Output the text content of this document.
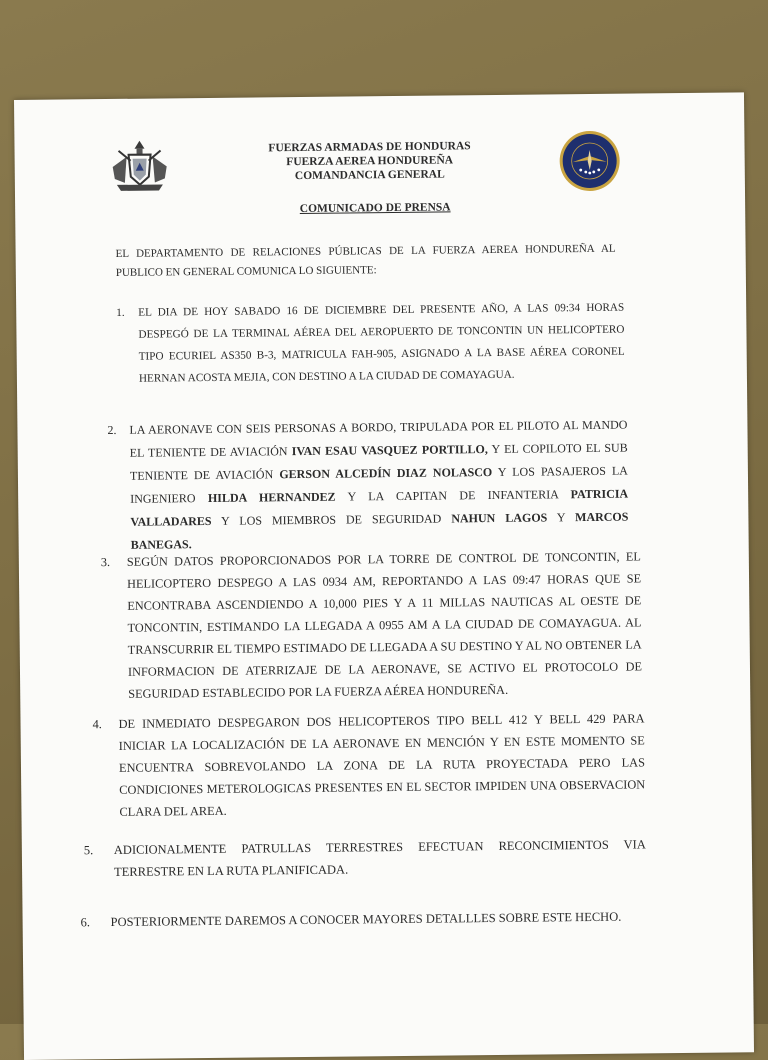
FUERZAS ARMADAS DE HONDURAS
FUERZA AEREA HONDUREÑA
COMANDANCIA GENERAL
COMUNICADO DE PRENSA
EL DEPARTAMENTO DE RELACIONES PÚBLICAS DE LA FUERZA AEREA HONDUREÑA AL PUBLICO EN GENERAL COMUNICA LO SIGUIENTE:
1.	EL DIA DE HOY SABADO 16 DE DICIEMBRE DEL PRESENTE AÑO, A LAS 09:34 HORAS DESPEGÓ DE LA TERMINAL AÉREA DEL AEROPUERTO DE TONCONTIN UN HELICOPTERO TIPO ECURIEL AS350 B-3, MATRICULA FAH-905, ASIGNADO A LA BASE AÉREA CORONEL HERNAN ACOSTA MEJIA, CON DESTINO A LA CIUDAD DE COMAYAGUA.
2.	LA AERONAVE CON SEIS PERSONAS A BORDO, TRIPULADA POR EL PILOTO AL MANDO EL TENIENTE DE AVIACIÓN IVAN ESAU VASQUEZ PORTILLO, Y EL COPILOTO EL SUB TENIENTE DE AVIACIÓN GERSON ALCEDÍN DIAZ NOLASCO Y LOS PASAJEROS LA INGENIERO HILDA HERNANDEZ Y LA CAPITAN DE INFANTERIA PATRICIA VALLADARES Y LOS MIEMBROS DE SEGURIDAD NAHUN LAGOS Y MARCOS BANEGAS.
3.	SEGÚN DATOS PROPORCIONADOS POR LA TORRE DE CONTROL DE TONCONTIN, EL HELICOPTERO DESPEGO A LAS 0934 AM, REPORTANDO A LAS 09:47 HORAS QUE SE ENCONTRABA ASCENDIENDO A 10,000 PIES Y A 11 MILLAS NAUTICAS AL OESTE DE TONCONTIN, ESTIMANDO LA LLEGADA A 0955 AM A LA CIUDAD DE COMAYAGUA. AL TRANSCURRIR EL TIEMPO ESTIMADO DE LLEGADA A SU DESTINO Y AL NO OBTENER LA INFORMACION DE ATERRIZAJE DE LA AERONAVE, SE ACTIVO EL PROTOCOLO DE SEGURIDAD ESTABLECIDO POR LA FUERZA AÉREA HONDUREÑA.
4.	DE INMEDIATO DESPEGARON DOS HELICOPTEROS TIPO BELL 412 Y BELL 429 PARA INICIAR LA LOCALIZACIÓN DE LA AERONAVE EN MENCIÓN Y EN ESTE MOMENTO SE ENCUENTRA SOBREVOLANDO LA ZONA DE LA RUTA PROYECTADA PERO LAS CONDICIONES METEROLOGICAS PRESENTES EN EL SECTOR IMPIDEN UNA OBSERVACION CLARA DEL AREA.
5.	ADICIONALMENTE PATRULLAS TERRESTRES EFECTUAN RECONCIMIENTOS VIA TERRESTRE EN LA RUTA PLANIFICADA.
6.	POSTERIORMENTE DAREMOS A CONOCER MAYORES DETALLLES SOBRE ESTE HECHO.
